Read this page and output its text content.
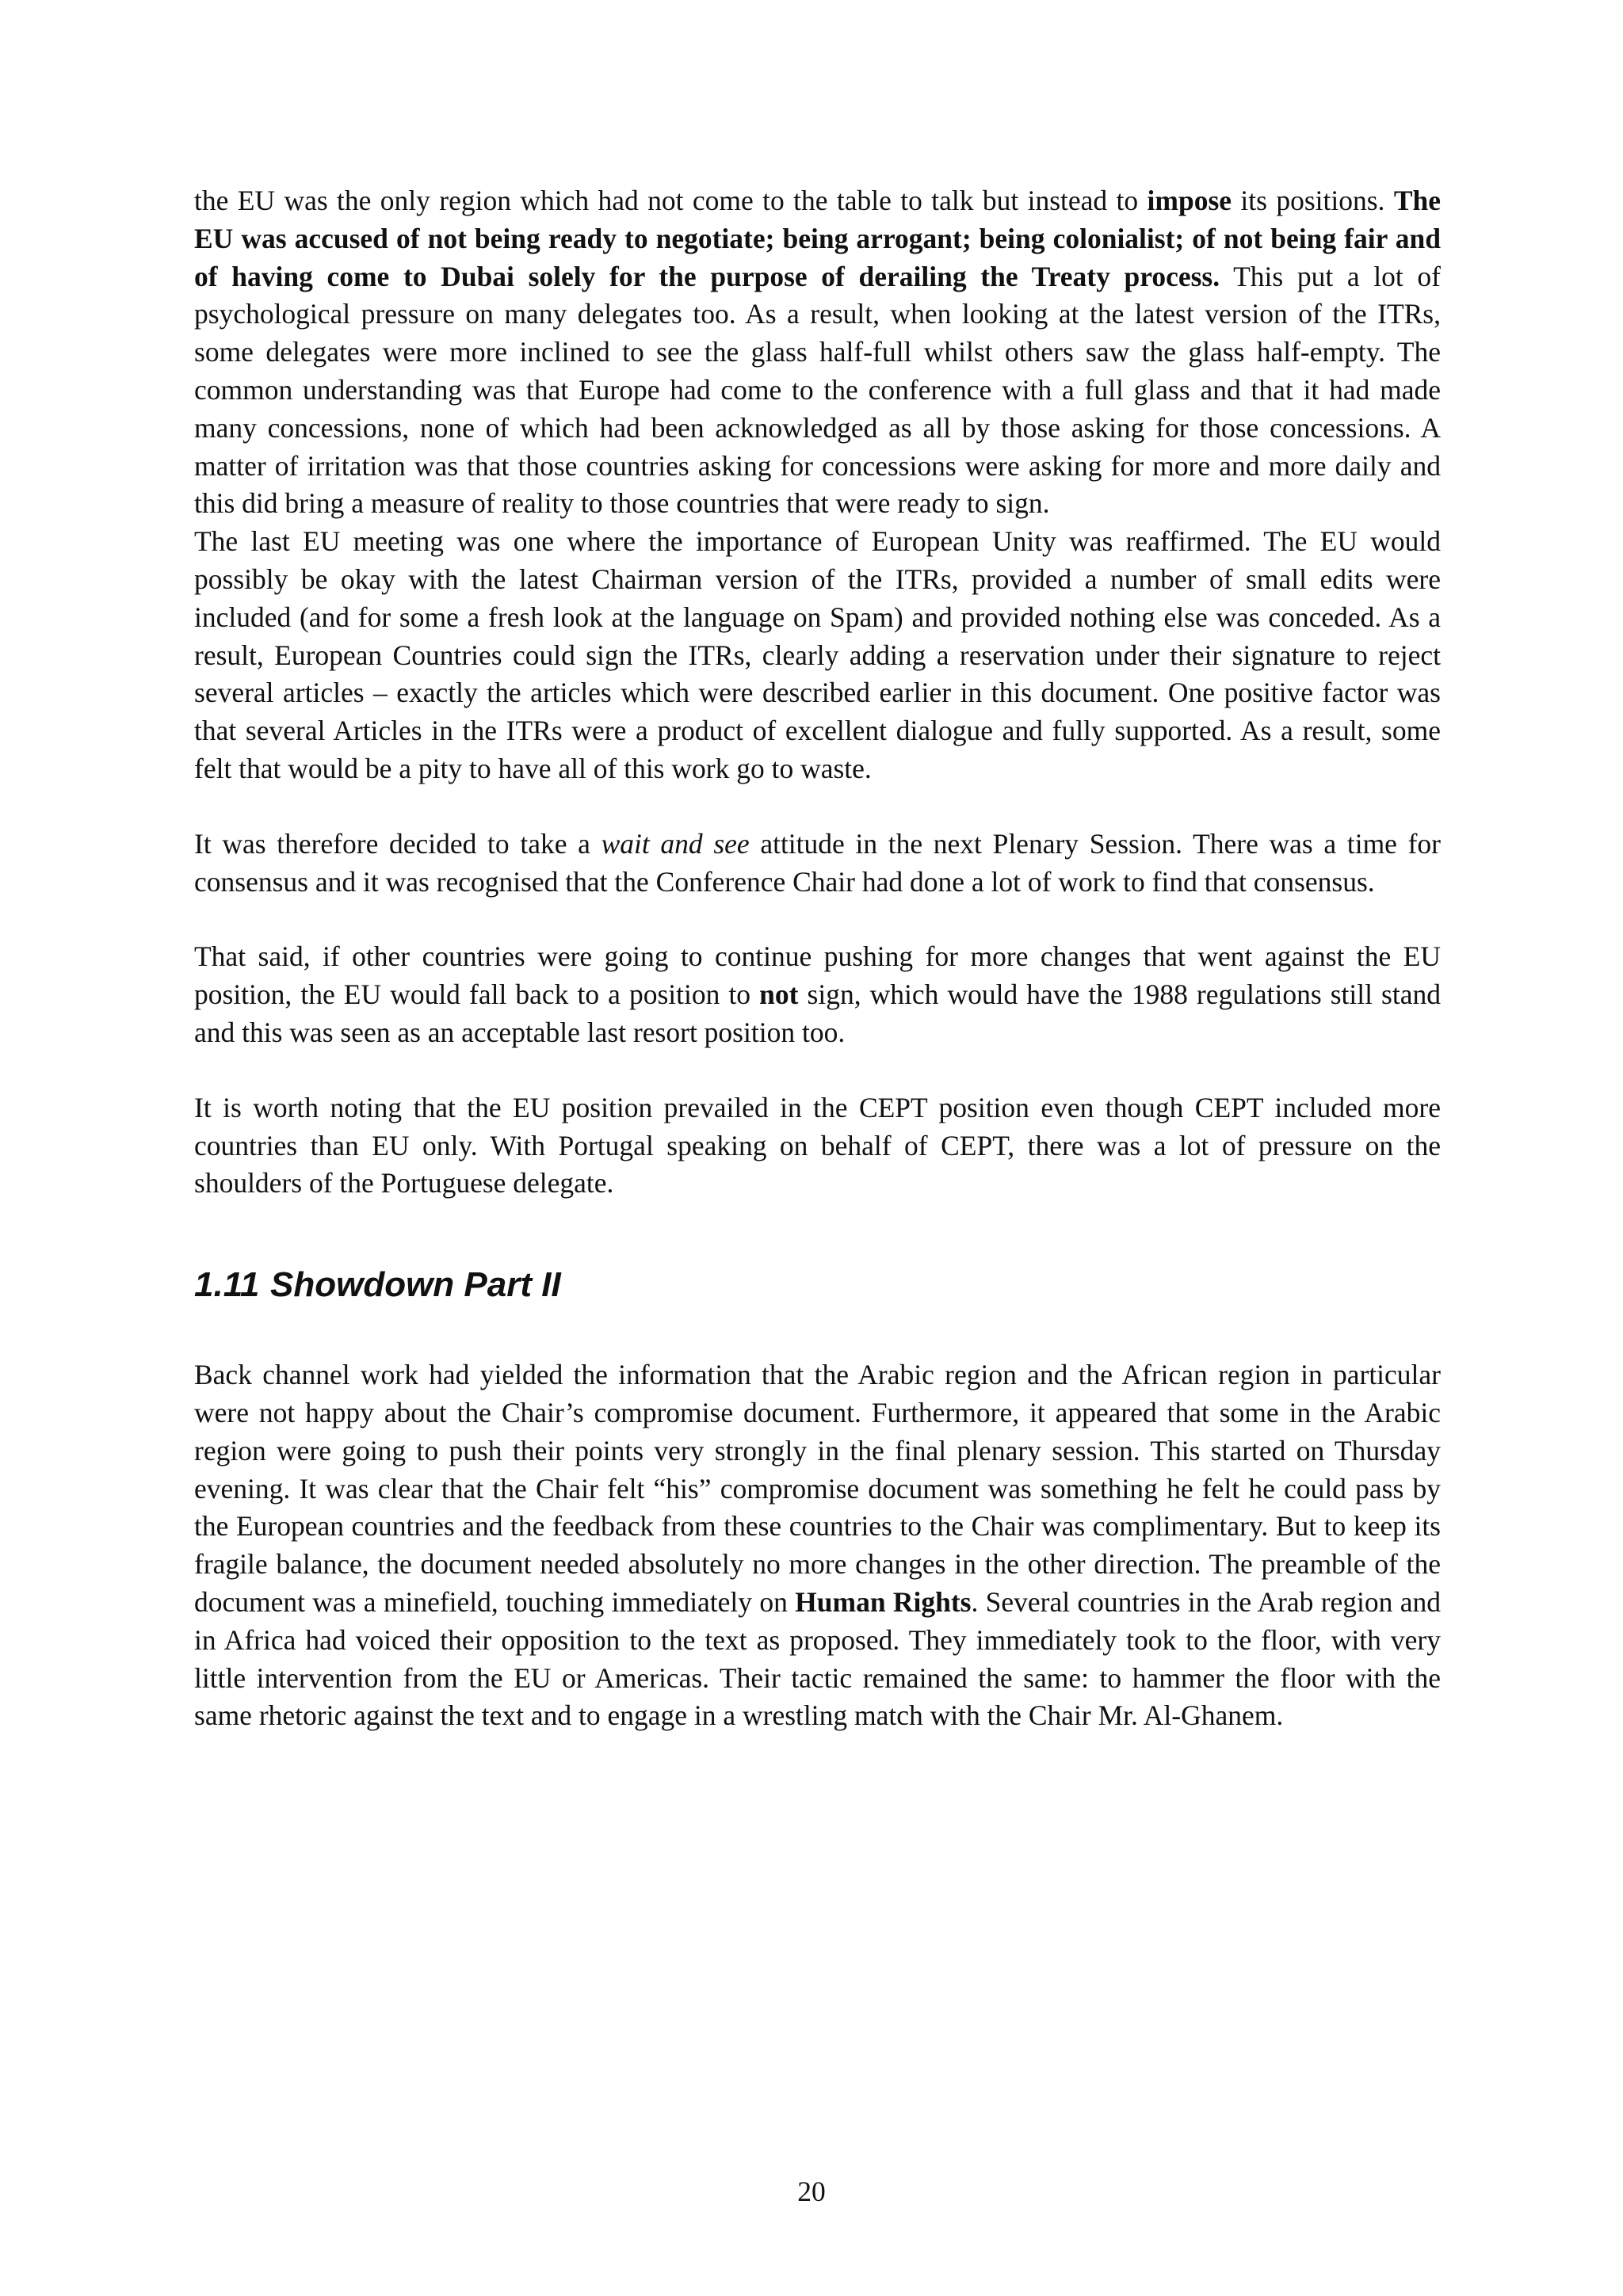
the EU was the only region which had not come to the table to talk but instead to impose its positions. The EU was accused of not being ready to negotiate; being arrogant; being colonialist; of not being fair and of having come to Dubai solely for the purpose of derailing the Treaty process. This put a lot of psychological pressure on many delegates too. As a result, when looking at the latest version of the ITRs, some delegates were more inclined to see the glass half-full whilst others saw the glass half-empty. The common understanding was that Europe had come to the conference with a full glass and that it had made many concessions, none of which had been acknowledged as all by those asking for those concessions. A matter of irritation was that those countries asking for concessions were asking for more and more daily and this did bring a measure of reality to those countries that were ready to sign.

The last EU meeting was one where the importance of European Unity was reaffirmed. The EU would possibly be okay with the latest Chairman version of the ITRs, provided a number of small edits were included (and for some a fresh look at the language on Spam) and provided nothing else was conceded. As a result, European Countries could sign the ITRs, clearly adding a reservation under their signature to reject several articles – exactly the articles which were described earlier in this document. One positive factor was that several Articles in the ITRs were a product of excellent dialogue and fully supported. As a result, some felt that would be a pity to have all of this work go to waste.

It was therefore decided to take a wait and see attitude in the next Plenary Session. There was a time for consensus and it was recognised that the Conference Chair had done a lot of work to find that consensus.

That said, if other countries were going to continue pushing for more changes that went against the EU position, the EU would fall back to a position to not sign, which would have the 1988 regulations still stand and this was seen as an acceptable last resort position too.

It is worth noting that the EU position prevailed in the CEPT position even though CEPT included more countries than EU only. With Portugal speaking on behalf of CEPT, there was a lot of pressure on the shoulders of the Portuguese delegate.

1.11 Showdown Part II

Back channel work had yielded the information that the Arabic region and the African region in particular were not happy about the Chair’s compromise document. Furthermore, it appeared that some in the Arabic region were going to push their points very strongly in the final plenary session. This started on Thursday evening. It was clear that the Chair felt “his” compromise document was something he felt he could pass by the European countries and the feedback from these countries to the Chair was complimentary. But to keep its fragile balance, the document needed absolutely no more changes in the other direction. The preamble of the document was a minefield, touching immediately on Human Rights. Several countries in the Arab region and in Africa had voiced their opposition to the text as proposed. They immediately took to the floor, with very little intervention from the EU or Americas. Their tactic remained the same: to hammer the floor with the same rhetoric against the text and to engage in a wrestling match with the Chair Mr. Al-Ghanem.

20
